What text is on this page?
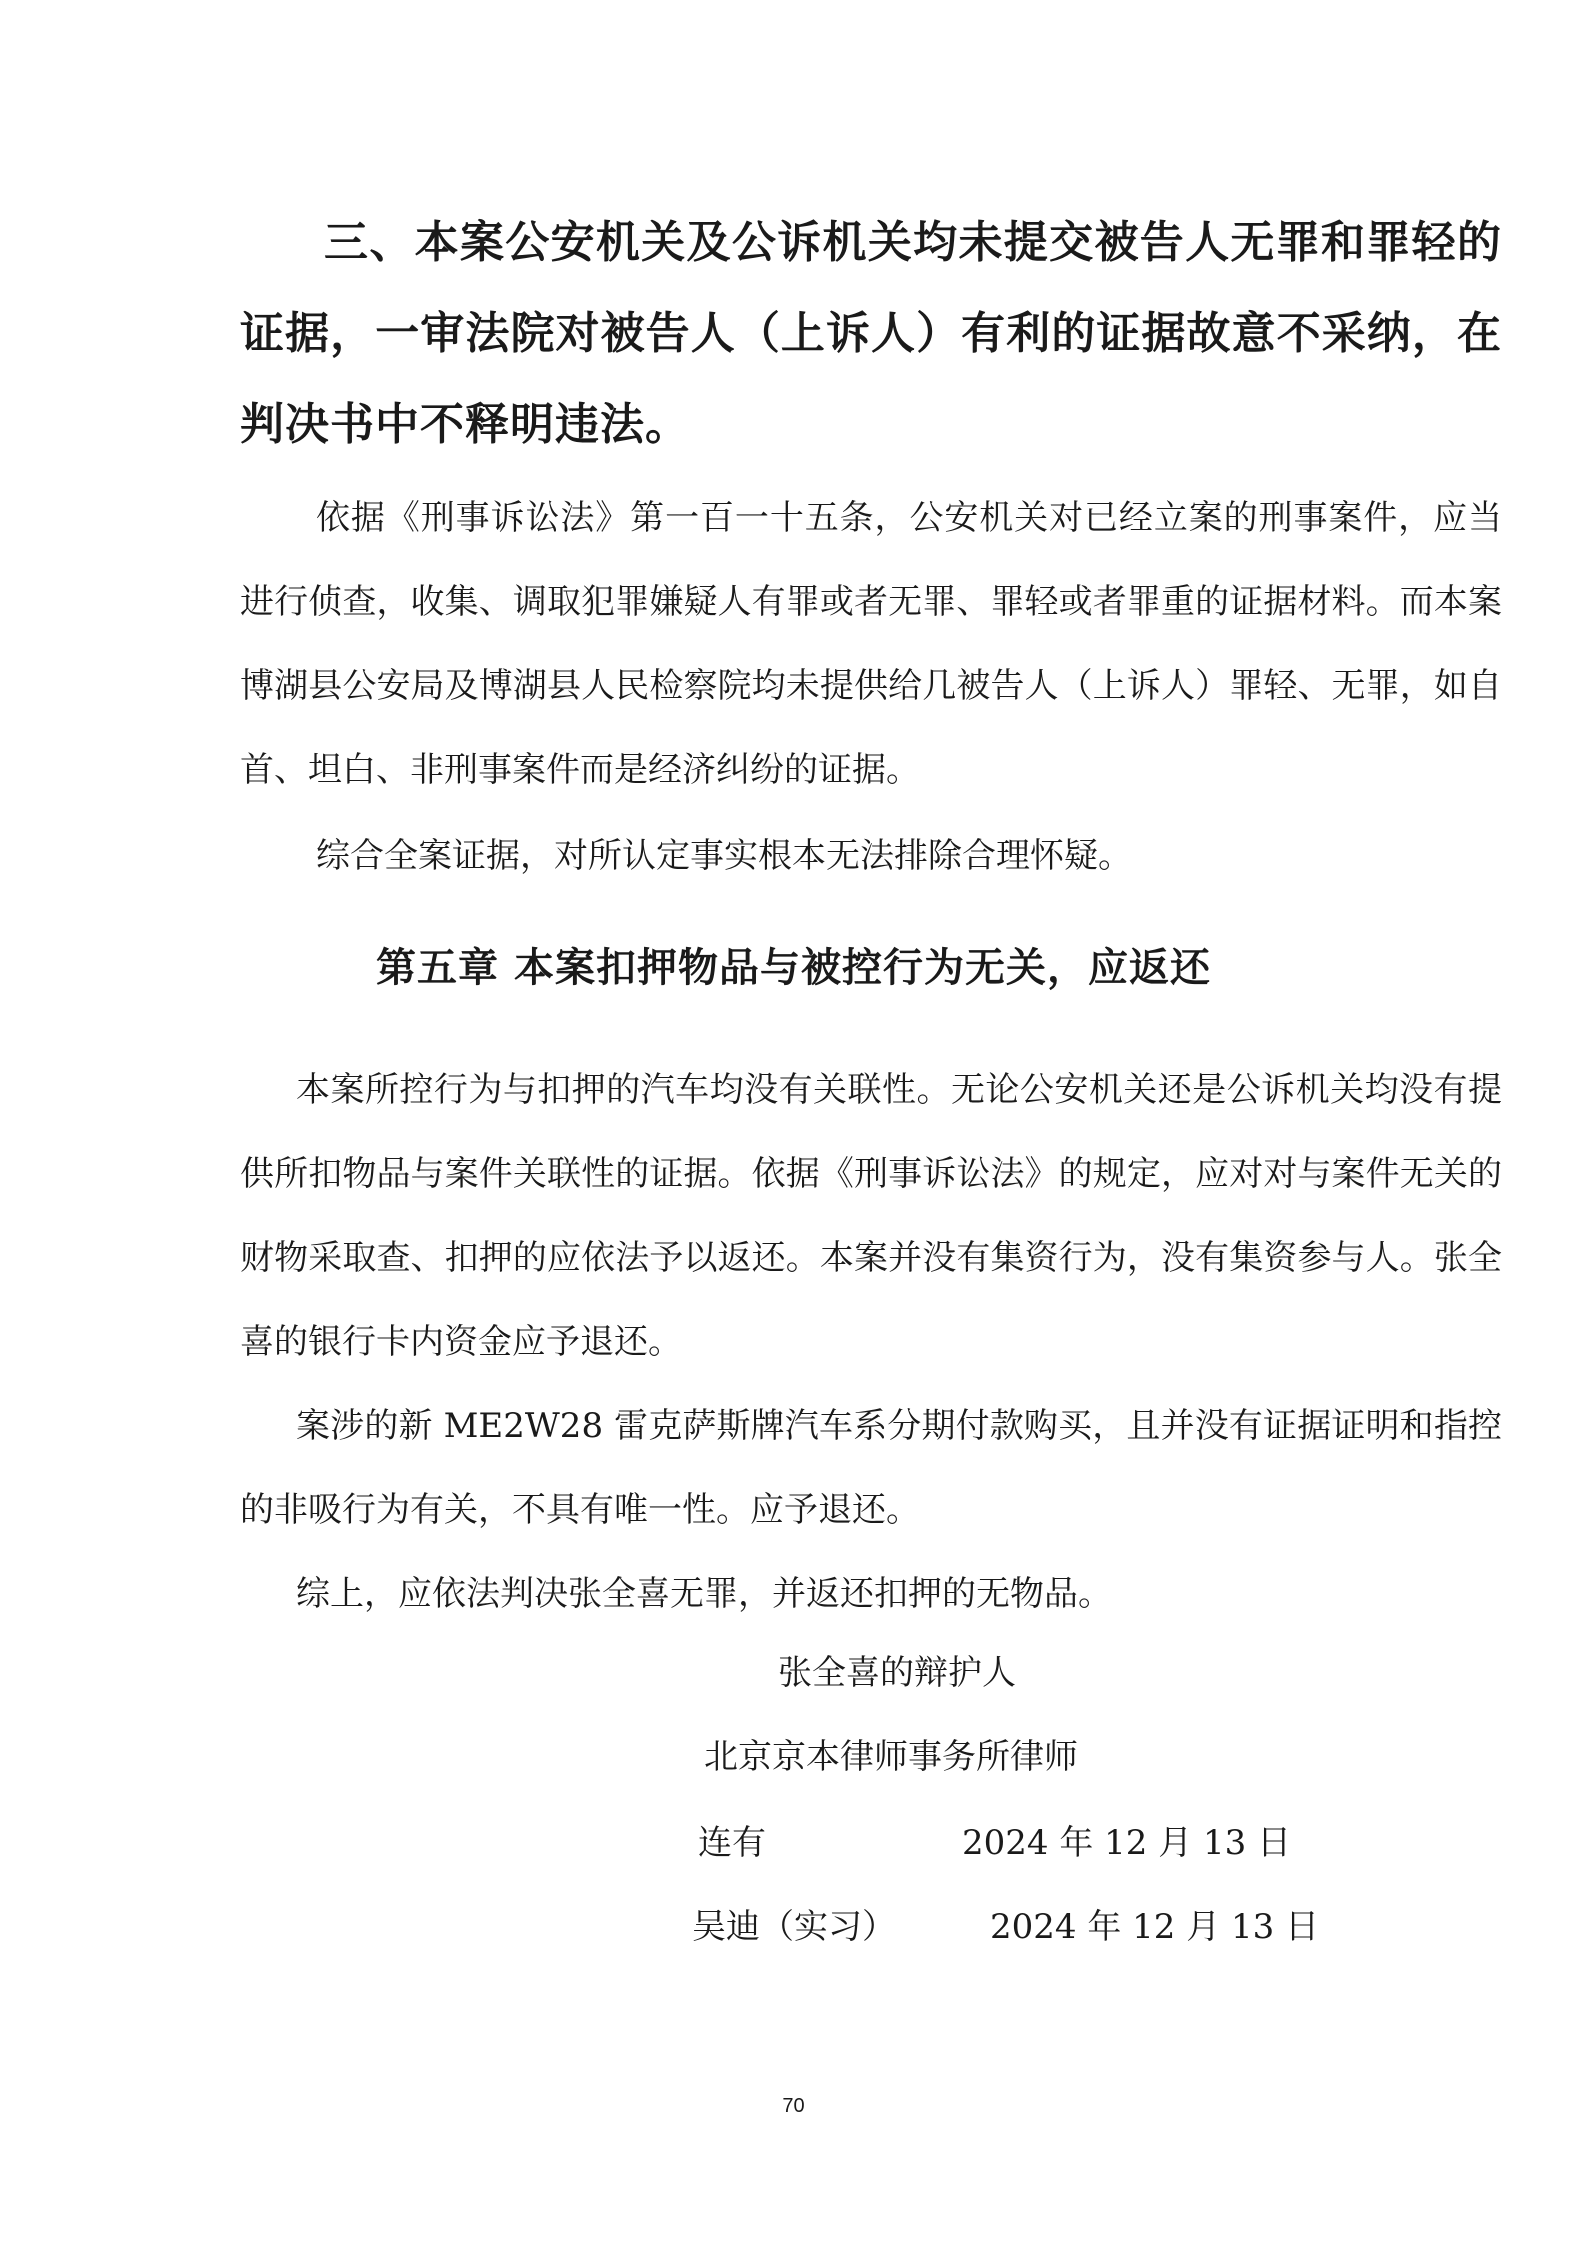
三、本案公安机关及公诉机关均未提交被告人无罪和罪轻的证据，一审法院对被告人（上诉人）有利的证据故意不采纳，在判决书中不释明违法。

依据《刑事诉讼法》第一百一十五条，公安机关对已经立案的刑事案件，应当进行侦查，收集、调取犯罪嫌疑人有罪或者无罪、罪轻或者罪重的证据材料。而本案博湖县公安局及博湖县人民检察院均未提供给几被告人（上诉人）罪轻、无罪，如自首、坦白、非刑事案件而是经济纠纷的证据。

综合全案证据，对所认定事实根本无法排除合理怀疑。

第五章 本案扣押物品与被控行为无关，应返还

本案所控行为与扣押的汽车均没有关联性。无论公安机关还是公诉机关均没有提供所扣物品与案件关联性的证据。依据《刑事诉讼法》的规定，应对对与案件无关的财物采取查、扣押的应依法予以返还。本案并没有集资行为，没有集资参与人。张全喜的银行卡内资金应予退还。

案涉的新 ME2W28 雷克萨斯牌汽车系分期付款购买，且并没有证据证明和指控的非吸行为有关，不具有唯一性。应予退还。

综上，应依法判决张全喜无罪，并返还扣押的无物品。

张全喜的辩护人
北京京本律师事务所律师
连有	2024 年 12 月 13 日
吴迪（实习）	2024 年 12 月 13 日
70
